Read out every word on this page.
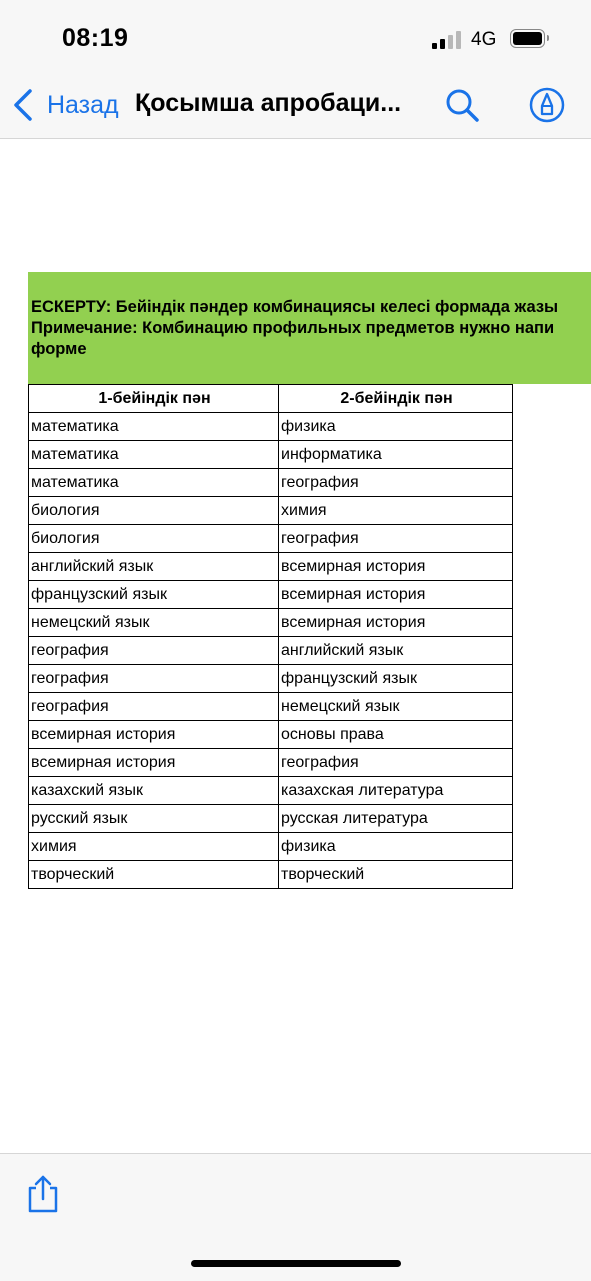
08:19	4G
Назад Қосымша апробаци...

ЕСКЕРТУ: Бейіндік пәндер комбинациясы келесі формада жазы

Примечание: Комбинацию профильных предметов нужно напи

форме

1-бейіндік пән	2-бейіндік пән
математика	физика
математика	информатика
математика	география
биология	химия
биология	география
английский язык	всемирная история
французский язык	всемирная история
немецский язык	всемирная история
география	английский язык
география	французский язык
география	немецский язык
всемирная история	основы права
всемирная история	география
казахский язык	казахская литература
русский язык	русская литература
химия	физика
творческий	творческий
